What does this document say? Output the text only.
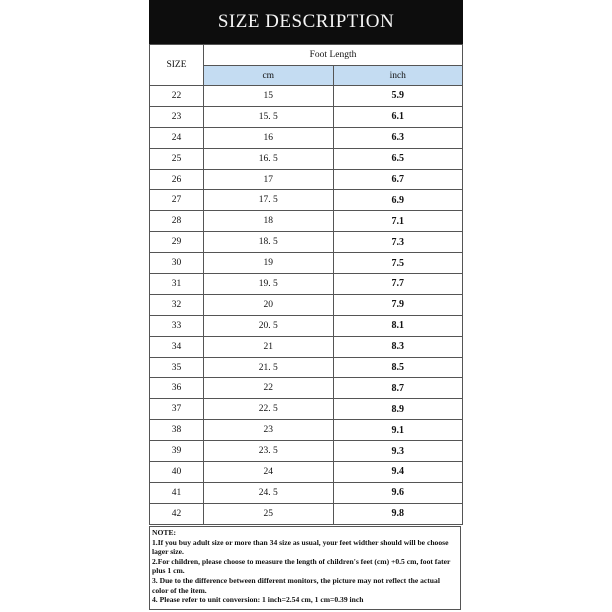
SIZE DESCRIPTION
SIZE	Foot Length	
	cm	inch
22	15	5.9
23	15. 5	6.1
24	16	6.3
25	16. 5	6.5
26	17	6.7
27	17. 5	6.9
28	18	7.1
29	18. 5	7.3
30	19	7.5
31	19. 5	7.7
32	20	7.9
33	20. 5	8.1
34	21	8.3
35	21. 5	8.5
36	22	8.7
37	22. 5	8.9
38	23	9.1
39	23. 5	9.3
40	24	9.4
41	24. 5	9.6
42	25	9.8
NOTE:
1.If you buy adult size or more than 34 size as usual, your feet widther should will be choose lager size.
2.For children, please choose to measure the length of children's feet (cm) +0.5 cm, foot fater plus 1 cm.
3. Due to the difference between different monitors, the picture may not reflect the actual color of the item.
4. Please refer to unit conversion: 1 inch=2.54 cm, 1 cm=0.39 inch
